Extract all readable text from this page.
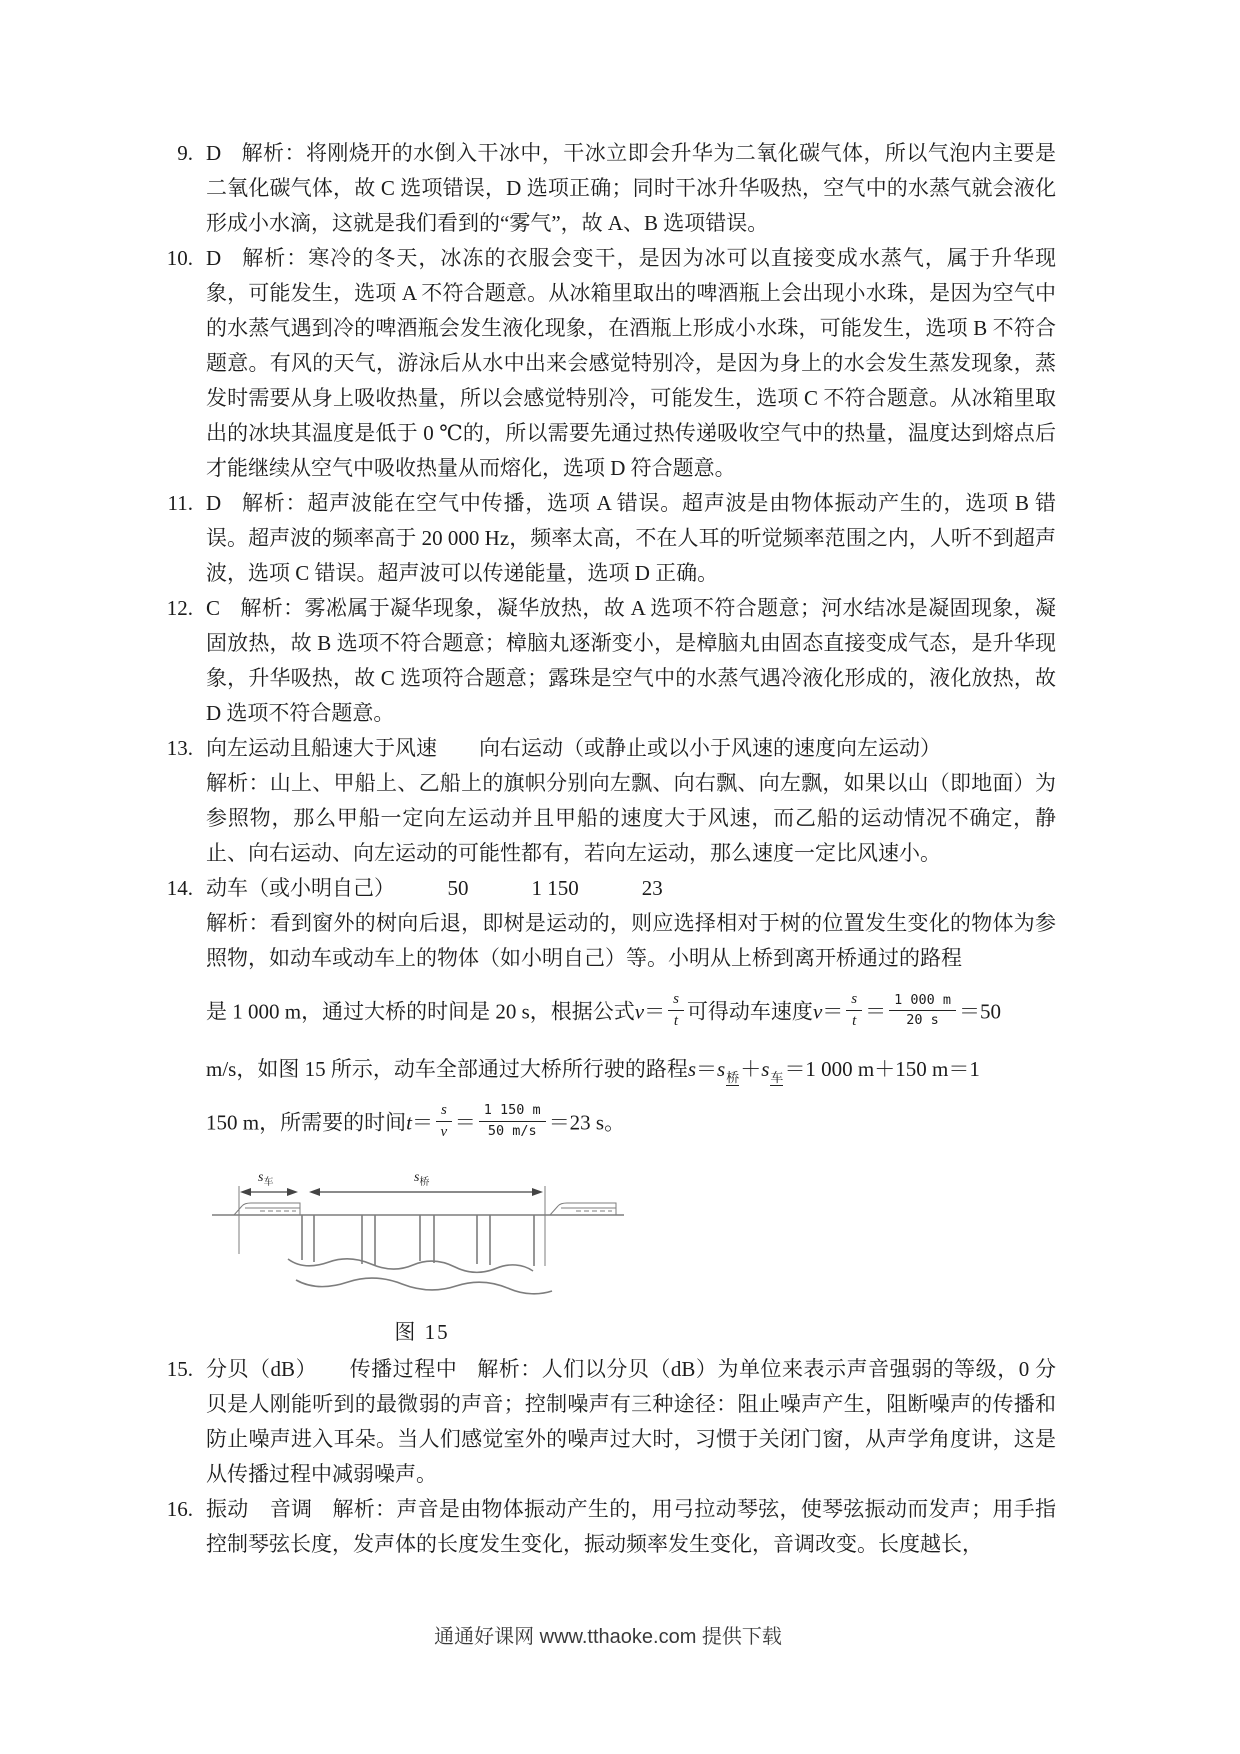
9. D 解析：将刚烧开的水倒入干冰中，干冰立即会升华为二氧化碳气体，所以气泡内主要是二氧化碳气体，故 C 选项错误，D 选项正确；同时干冰升华吸热，空气中的水蒸气就会液化形成小水滴，这就是我们看到的“雾气”，故 A、B 选项错误。

10. D 解析：寒冷的冬天，冰冻的衣服会变干，是因为冰可以直接变成水蒸气，属于升华现象，可能发生，选项 A 不符合题意。从冰箱里取出的啤酒瓶上会出现小水珠，是因为空气中的水蒸气遇到冷的啤酒瓶会发生液化现象，在酒瓶上形成小水珠，可能发生，选项 B 不符合题意。有风的天气，游泳后从水中出来会感觉特别冷，是因为身上的水会发生蒸发现象，蒸发时需要从身上吸收热量，所以会感觉特别冷，可能发生，选项 C 不符合题意。从冰箱里取出的冰块其温度是低于 0 ℃的，所以需要先通过热传递吸收空气中的热量，温度达到熔点后才能继续从空气中吸收热量从而熔化，选项 D 符合题意。

11. D 解析：超声波能在空气中传播，选项 A 错误。超声波是由物体振动产生的，选项 B 错误。超声波的频率高于 20 000 Hz，频率太高，不在人耳的听觉频率范围之内，人听不到超声波，选项 C 错误。超声波可以传递能量，选项 D 正确。

12. C 解析：雾凇属于凝华现象，凝华放热，故 A 选项不符合题意；河水结冰是凝固现象，凝固放热，故 B 选项不符合题意；樟脑丸逐渐变小，是樟脑丸由固态直接变成气态，是升华现象，升华吸热，故 C 选项符合题意；露珠是空气中的水蒸气遇冷液化形成的，液化放热，故 D 选项不符合题意。

13. 向左运动且船速大于风速　　向右运动（或静止或以小于风速的速度向左运动）

解析：山上、甲船上、乙船上的旗帜分别向左飘、向右飘、向左飘，如果以山（即地面）为参照物，那么甲船一定向左运动并且甲船的速度大于风速，而乙船的运动情况不确定，静止、向右运动、向左运动的可能性都有，若向左运动，那么速度一定比风速小。

14. 动车（或小明自己）　　　50　　　1 150　　　23

解析：看到窗外的树向后退，即树是运动的，则应选择相对于树的位置发生变化的物体为参照物，如动车或动车上的物体（如小明自己）等。小明从上桥到离开桥通过的路程

是 1 000 m，通过大桥的时间是 20 s，根据公式$v= \frac{s}{t}$ 可得动车速度$v= \frac{s}{t} = \frac{1 000 m}{20 s} =50$

m/s，如图 15 所示，动车全部通过大桥所行驶的路程$s=s_桥+s_车=1$ 000 m＋150 m＝1

150 m，所需要的时间$t= \frac{s}{v} = \frac{1 150 m}{50 m/s} =23$ s。

$s_车$	$s_桥$
图 15
15. 分贝（dB）　　传播过程中 解析：人们以分贝（dB）为单位来表示声音强弱的等级，0 分贝是人刚能听到的最微弱的声音；控制噪声有三种途径：阻止噪声产生，阻断噪声的传播和防止噪声进入耳朵。当人们感觉室外的噪声过大时，习惯于关闭门窗，从声学角度讲，这是从传播过程中减弱噪声。

16. 振动　音调 解析：声音是由物体振动产生的，用弓拉动琴弦，使琴弦振动而发声；用手指控制琴弦长度，发声体的长度发生变化，振动频率发生变化，音调改变。长度越长，

通通好课网 www.tthaoke.com 提供下载
